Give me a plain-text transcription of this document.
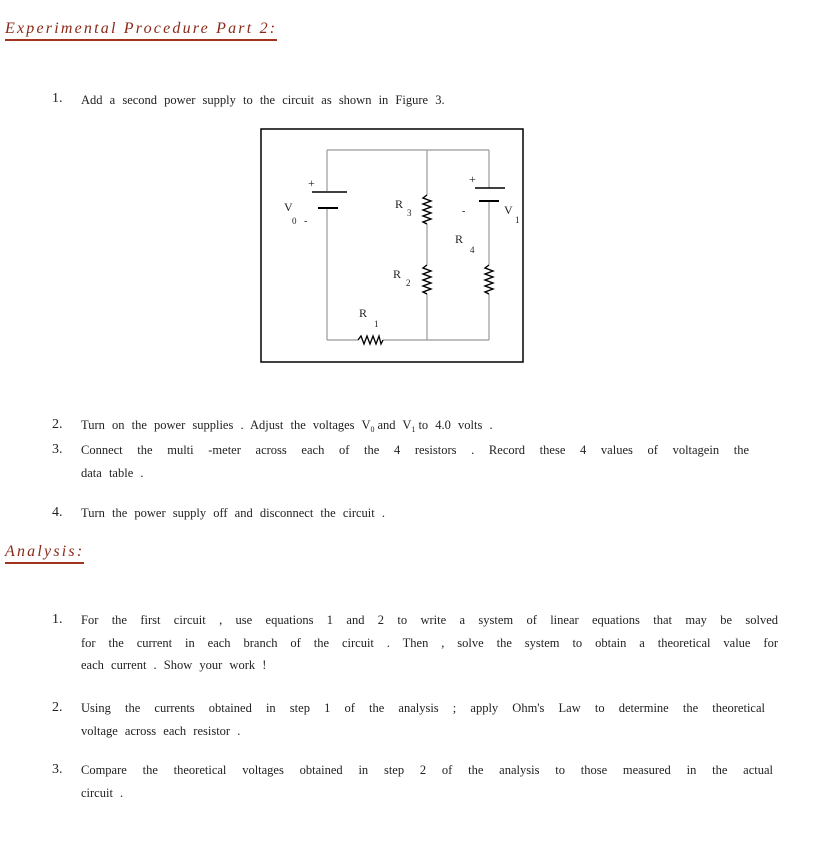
Experimental Procedure Part 2:
1. Add a second power supply to the circuit as shown in Figure 3.
+
V
0 -
+
-	V
1
R
3
R
4
R
2
R
1
2. Turn on the power supplies . Adjust the voltages $V_0$ and $V_1$ to 4.0 volts .
3. Connect the multi -meter across each of the 4 resistors . Record these 4 values of voltagein the
data table .
4. Turn the power supply off and disconnect the circuit .
Analysis:
1. For the first circuit , use equations 1 and 2 to write a system of linear equations that may be solved
for the current in each branch of the circuit . Then , solve the system to obtain a theoretical value for
each current . Show your work !
2. Using the currents obtained in step 1 of the analysis ; apply Ohm's Law to determine the theoretical
voltage across each resistor .
3. Compare the theoretical voltages obtained in step 2 of the analysis to those measured in the actual
circuit .
